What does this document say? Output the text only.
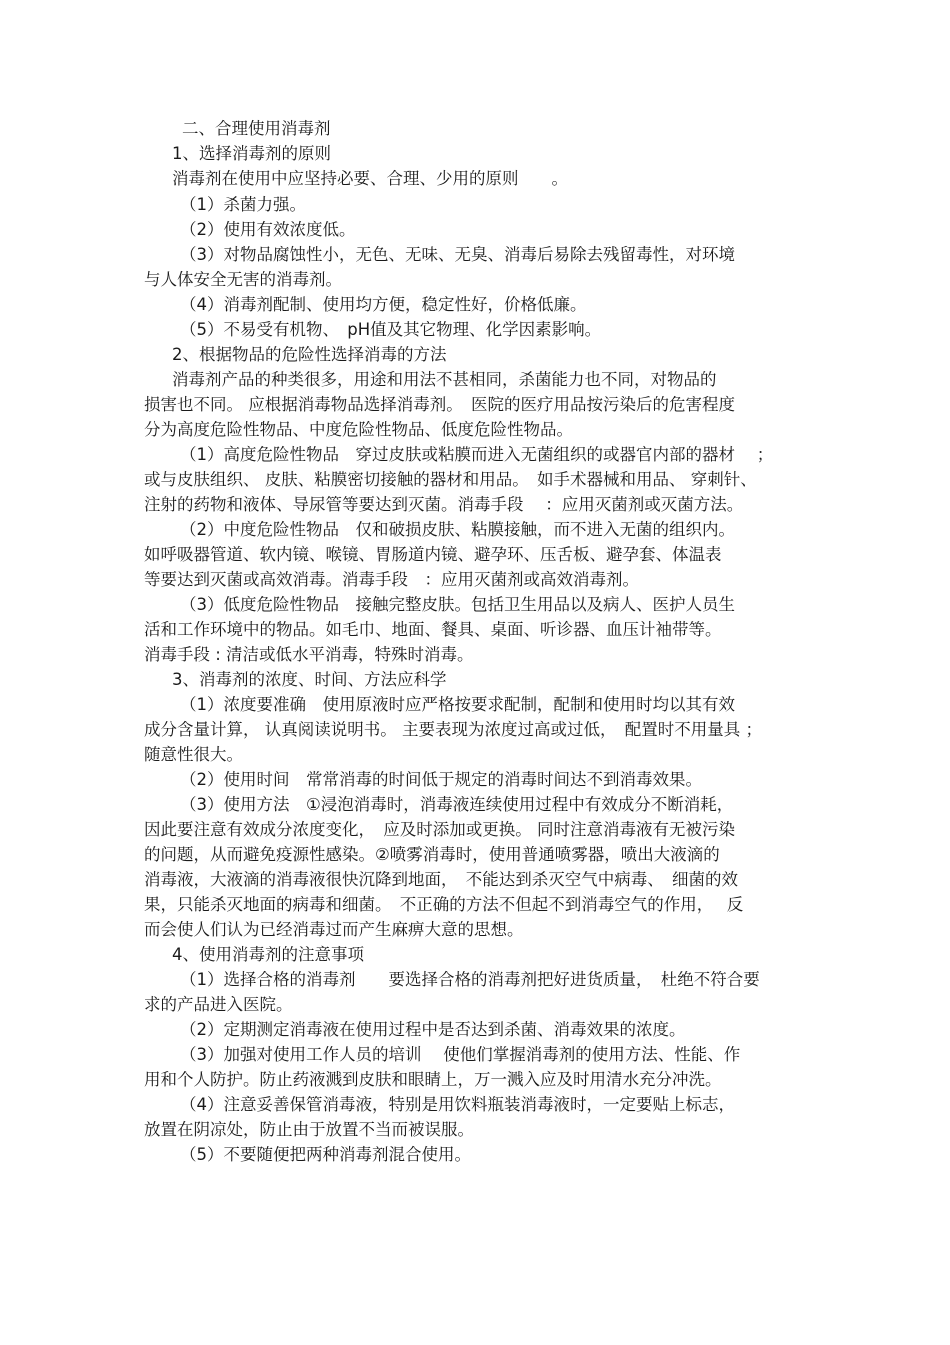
二、合理使用消毒剂
1、选择消毒剂的原则
消毒剂在使用中应坚持必要、合理、少用的原则　　。
（1）杀菌力强。
（2）使用有效浓度低。
（3）对物品腐蚀性小，无色、无味、无臭、消毒后易除去残留毒性，对环境
与人体安全无害的消毒剂。
（4）消毒剂配制、使用均方便，稳定性好，价格低廉。
（5）不易受有机物、　pH值及其它物理、化学因素影响。
2、根据物品的危险性选择消毒的方法
消毒剂产品的种类很多，用途和用法不甚相同，杀菌能力也不同，对物品的
损害也不同。 应根据消毒物品选择消毒剂。　医院的医疗用品按污染后的危害程度
分为高度危险性物品、中度危险性物品、低度危险性物品。
（1）高度危险性物品　穿过皮肤或粘膜而进入无菌组织的或器官内部的器材　 ；
或与皮肤组织、 皮肤、粘膜密切接触的器材和用品。　如手术器械和用品、 穿刺针、
注射的药物和液体、导尿管等要达到灭菌。消毒手段　 ：应用灭菌剂或灭菌方法。
（2）中度危险性物品　仅和破损皮肤、粘膜接触，而不进入无菌的组织内。
如呼吸器管道、软内镜、喉镜、胃肠道内镜、避孕环、压舌板、避孕套、体温表
等要达到灭菌或高效消毒。消毒手段　：应用灭菌剂或高效消毒剂。
（3）低度危险性物品　接触完整皮肤。包括卫生用品以及病人、医护人员生
活和工作环境中的物品。如毛巾、地面、餐具、桌面、听诊器、血压计袖带等。
消毒手段 : 清洁或低水平消毒，特殊时消毒。
3、消毒剂的浓度、时间、方法应科学
（1）浓度要准确　使用原液时应严格按要求配制，配制和使用时均以其有效
成分含量计算， 认真阅读说明书。 主要表现为浓度过高或过低，　配置时不用量具 ；
随意性很大。
（2）使用时间　常常消毒的时间低于规定的消毒时间达不到消毒效果。
（3）使用方法　①浸泡消毒时，消毒液连续使用过程中有效成分不断消耗，
因此要注意有效成分浓度变化，　应及时添加或更换。 同时注意消毒液有无被污染
的问题，从而避免疫源性感染。②喷雾消毒时，使用普通喷雾器，喷出大液滴的
消毒液，大液滴的消毒液很快沉降到地面，　不能达到杀灭空气中病毒、　细菌的效
果，只能杀灭地面的病毒和细菌。　不正确的方法不但起不到消毒空气的作用，　 反
而会使人们认为已经消毒过而产生麻痹大意的思想。
4、使用消毒剂的注意事项
（1）选择合格的消毒剂　　要选择合格的消毒剂把好进货质量，　杜绝不符合要
求的产品进入医院。
（2）定期测定消毒液在使用过程中是否达到杀菌、消毒效果的浓度。
（3）加强对使用工作人员的培训　 使他们掌握消毒剂的使用方法、性能、作
用和个人防护。防止药液溅到皮肤和眼睛上，万一溅入应及时用清水充分冲洗。
（4）注意妥善保管消毒液，特别是用饮料瓶装消毒液时，一定要贴上标志，
放置在阴凉处，防止由于放置不当而被误服。
（5）不要随便把两种消毒剂混合使用。
